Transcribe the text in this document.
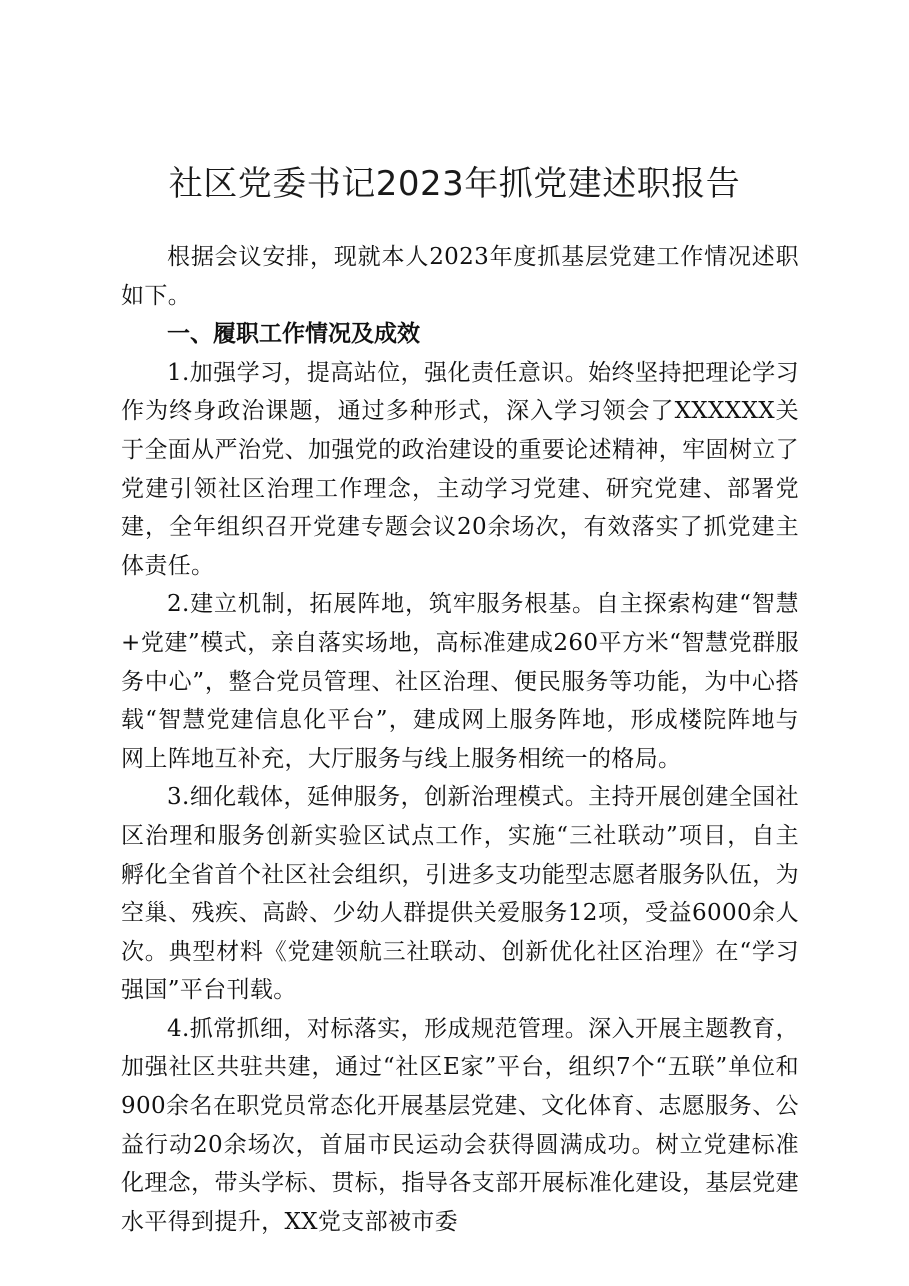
社区党委书记2023年抓党建述职报告

根据会议安排，现就本人2023年度抓基层党建工作情况述职如下。

一、履职工作情况及成效

1.加强学习，提高站位，强化责任意识。始终坚持把理论学习作为终身政治课题，通过多种形式，深入学习领会了XXXXXX关于全面从严治党、加强党的政治建设的重要论述精神，牢固树立了党建引领社区治理工作理念，主动学习党建、研究党建、部署党建，全年组织召开党建专题会议20余场次，有效落实了抓党建主体责任。

2.建立机制，拓展阵地，筑牢服务根基。自主探索构建“智慧+党建”模式，亲自落实场地，高标准建成260平方米“智慧党群服务中心”，整合党员管理、社区治理、便民服务等功能，为中心搭载“智慧党建信息化平台”，建成网上服务阵地，形成楼院阵地与网上阵地互补充，大厅服务与线上服务相统一的格局。

3.细化载体，延伸服务，创新治理模式。主持开展创建全国社区治理和服务创新实验区试点工作，实施“三社联动”项目，自主孵化全省首个社区社会组织，引进多支功能型志愿者服务队伍，为空巢、残疾、高龄、少幼人群提供关爱服务12项，受益6000余人次。典型材料《党建领航三社联动、创新优化社区治理》在“学习强国”平台刊载。

4.抓常抓细，对标落实，形成规范管理。深入开展主题教育，加强社区共驻共建，通过“社区E家”平台，组织7个“五联”单位和900余名在职党员常态化开展基层党建、文化体育、志愿服务、公益行动20余场次，首届市民运动会获得圆满成功。树立党建标准化理念，带头学标、贯标，指导各支部开展标准化建设，基层党建水平得到提升，XX党支部被市委
